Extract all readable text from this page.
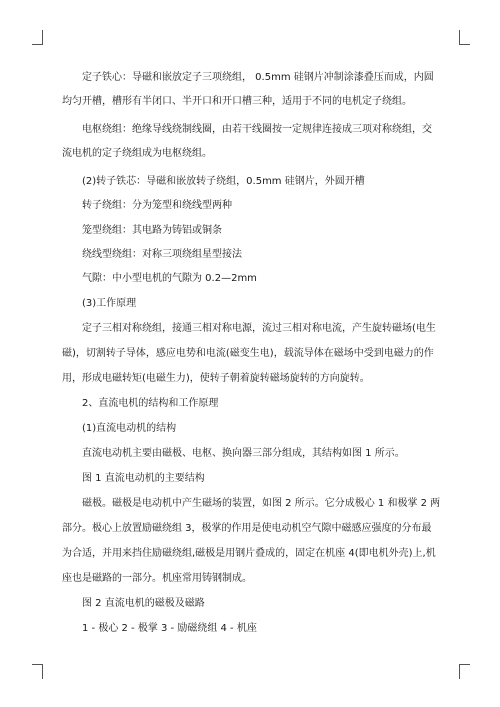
定子铁心：导磁和嵌放定子三项绕组， 0.5mm 硅钢片冲制涂漆叠压而成，内圆

均匀开槽，槽形有半闭口、半开口和开口槽三种，适用于不同的电机定子绕组。

电枢绕组：绝缘导线绕制线圈，由若干线圈按一定规律连接成三项对称绕组，交

流电机的定子绕组成为电枢绕组。

(2)转子铁芯：导磁和嵌放转子绕组，0.5mm 硅钢片，外圆开槽

转子绕组：分为笼型和绕线型两种

笼型绕组：其电路为铸铝或铜条

绕线型绕组：对称三项绕组星型接法

气隙：中小型电机的气隙为 0.2—2mm

(3)工作原理

定子三相对称绕组，接通三相对称电源，流过三相对称电流，产生旋转磁场(电生

磁)，切割转子导体，感应电势和电流(磁变生电)，载流导体在磁场中受到电磁力的作

用，形成电磁转矩(电磁生力)，使转子朝着旋转磁场旋转的方向旋转。

2、直流电机的结构和工作原理

(1)直流电动机的结构

直流电动机主要由磁极、电枢、换向器三部分组成，其结构如图 1 所示。

图 1 直流电动机的主要结构

磁极。磁极是电动机中产生磁场的装置，如图 2 所示。它分成极心 1 和极掌 2 两

部分。极心上放置励磁绕组 3，极掌的作用是使电动机空气隙中磁感应强度的分布最

为合适，并用来挡住励磁绕组,磁极是用钢片叠成的，固定在机座 4(即电机外壳)上,机

座也是磁路的一部分。机座常用铸钢制成。

图 2 直流电机的磁极及磁路

1 - 极心 2 - 极掌 3 - 励磁绕组 4 - 机座
